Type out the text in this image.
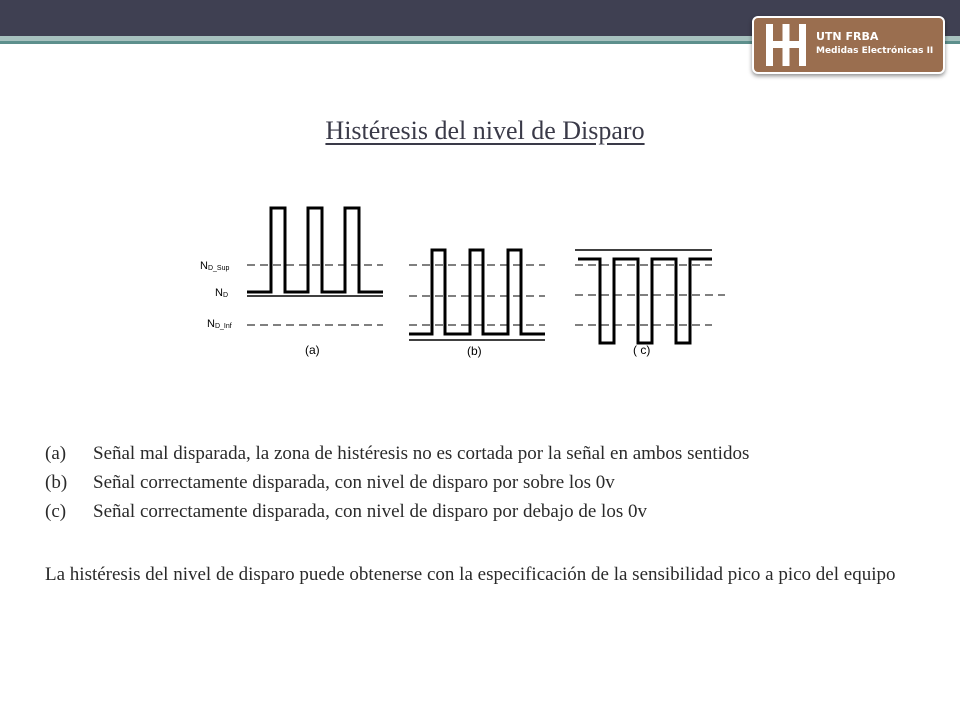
UTN FRBA
Medidas Electrónicas II
Histéresis del nivel de Disparo
ND_Sup
ND
ND_Inf
(a)	(b)	( c)
(a) Señal mal disparada, la zona de histéresis no es cortada por la señal en ambos sentidos
(b) Señal correctamente disparada, con nivel de disparo por sobre los 0v
(c) Señal correctamente disparada, con nivel de disparo por debajo de los 0v

La histéresis del nivel de disparo puede obtenerse con la especificación de la sensibilidad pico a pico del equipo
